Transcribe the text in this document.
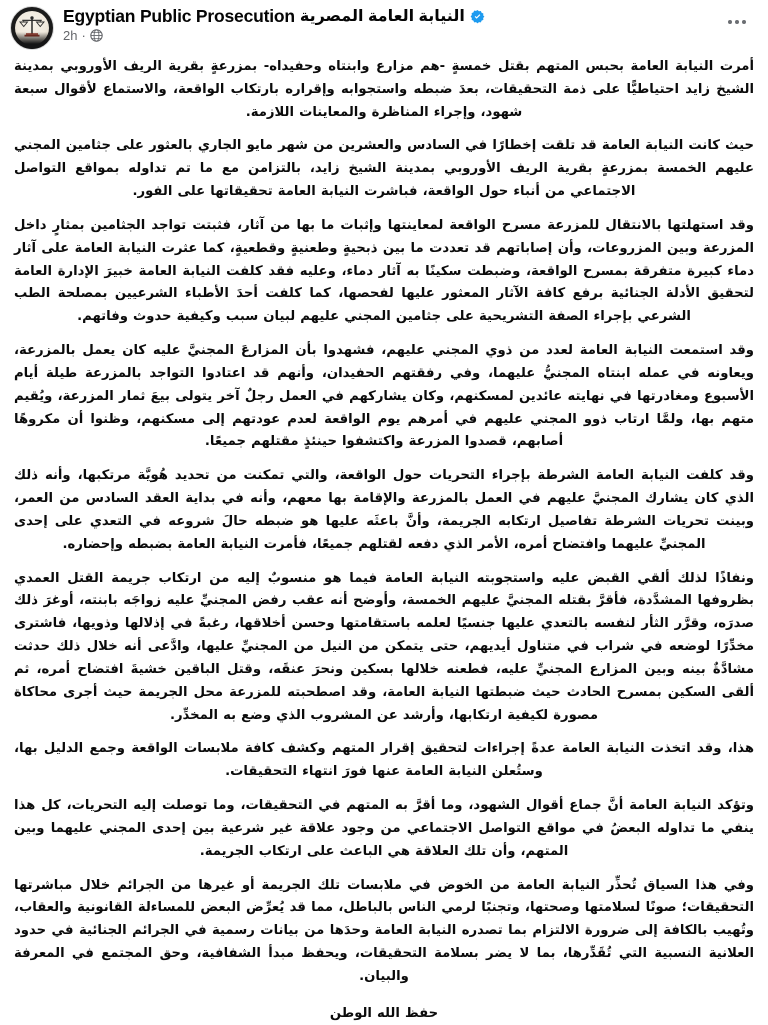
Egyptian Public Prosecution النيابة العامة المصرية
2h ·

أمرت النيابة العامة بحبس المتهم بقتل خمسةٍ -هم مزارع وابنتاه وحفيداه- بمزرعةٍ بقرية الريف الأوروبي بمدينة الشيخ زايد احتياطيًّا على ذمة التحقيقات، بعدَ ضبطه واستجوابه وإقراره بارتكاب الواقعة، والاستماع لأقوال سبعة شهود، وإجراء المناظرة والمعاينات اللازمة.

حيث كانت النيابة العامة قد تلقت إخطارًا في السادس والعشرين من شهر مايو الجاري بالعثور على جثامين المجني عليهم الخمسة بمزرعةٍ بقرية الريف الأوروبي بمدينة الشيخ زايد، بالتزامن مع ما تم تداوله بمواقع التواصل الاجتماعي من أنباء حول الواقعة، فباشرت النيابة العامة تحقيقاتها على الفور.

وقد استهلتها بالانتقال للمزرعة مسرح الواقعة لمعاينتها وإثبات ما بها من آثار، فثبتت تواجد الجثامين بمثارٍ داخل المزرعة وبين المزروعات، وأن إصاباتهم قد تعددت ما بين ذبحيةٍ وطعنيةٍ وقطعيةٍ، كما عثرت النيابة العامة على آثار دماء كبيرة متفرقة بمسرح الواقعة، وضبطت سكينًا به آثار دماء، وعليه فقد كلفت النيابة العامة خبيرَ الإدارة العامة لتحقيق الأدلة الجنائية برفع كافة الآثار المعثور عليها لفحصها، كما كلفت أحدَ الأطباء الشرعيين بمصلحة الطب الشرعي بإجراء الصفة التشريحية على جثامين المجني عليهم لبيان سبب وكيفية حدوث وفاتهم.

وقد استمعت النيابة العامة لعدد من ذوي المجني عليهم، فشهدوا بأن المزارعَ المجنيَّ عليه كان يعمل بالمزرعة، ويعاونه في عمله ابنتاه المجنيُّ عليهما، وفي رفقتهم الحفيدان، وأنهم قد اعتادوا التواجد بالمزرعة طيلة أيام الأسبوع ومغادرتها في نهايته عائدين لمسكنهم، وكان يشاركهم في العمل رجلٌ آخر يتولى بيعَ ثمار المزرعة، ويُقيم متهم بها، ولمَّا ارتاب ذوو المجني عليهم في أمرهم يوم الواقعة لعدم عودتهم إلى مسكنهم، وظنوا أن مكروهًا أصابهم، قصدوا المزرعة واكتشفوا حينئذٍ مقتلهم جميعًا.

وقد كلفت النيابة العامة الشرطة بإجراء التحريات حول الواقعة، والتي تمكنت من تحديد هُويَّة مرتكبها، وأنه ذلك الذي كان يشارك المجنيَّ عليهم في العمل بالمزرعة والإقامة بها معهم، وأنه في بداية العقد السادس من العمر، وبينت تحريات الشرطة تفاصيل ارتكابه الجريمة، وأنَّ باعثَه عليها هو ضبطه حالَ شروعه في التعدي على إحدى المجنيِّ عليهما وافتضاح أمره، الأمر الذي دفعه لقتلهم جميعًا، فأمرت النيابة العامة بضبطه وإحضاره.

ونفاذًا لذلك ألقي القبض عليه واستجوبته النيابة العامة فيما هو منسوبٌ إليه من ارتكاب جريمة القتل العمدي بظروفها المشدَّدة، فأقرَّ بقتله المجنيَّ عليهم الخمسة، وأوضح أنه عقب رفض المجنيِّ عليه زواجَه بابنته، أوغرَ ذلك صدرَه، وقرَّر الثأر لنفسه بالتعدي عليها جنسيًا لعلمه باستقامتها وحسن أخلاقها، رغبةً في إذلالها وذويها، فاشترى مخدِّرًا لوضعه في شراب في متناول أيديهم، حتى يتمكن من النيل من المجنيِّ عليها، وادَّعى أنه خلال ذلك حدثت مشادَّةٌ بينه وبين المزارع المجنيِّ عليه، فطعنه خلالها بسكين ونحرَ عنقَه، وقتل الباقين خشيةَ افتضاح أمره، ثم ألقى السكين بمسرح الحادث حيث ضبطتها النيابة العامة، وقد اصطحبته للمزرعة محل الجريمة حيث أجرى محاكاة مصورة لكيفية ارتكابها، وأرشد عن المشروب الذي وضع به المخدِّر.

هذا، وقد اتخذت النيابة العامة عدةً إجراءات لتحقيق إقرار المتهم وكشف كافة ملابسات الواقعة وجمع الدليل بها، وستُعلن النيابة العامة عنها فورَ انتهاء التحقيقات.

وتؤكد النيابة العامة أنَّ جماع أقوال الشهود، وما أقرَّ به المتهم في التحقيقات، وما توصلت إليه التحريات، كل هذا ينفي ما تداوله البعضُ في مواقع التواصل الاجتماعي من وجود علاقة غير شرعية بين إحدى المجني عليهما وبين المتهم، وأن تلك العلاقة هي الباعث على ارتكاب الجريمة.

وفي هذا السياق تُحذِّر النيابة العامة من الخوض في ملابسات تلك الجريمة أو غيرها من الجرائم خلال مباشرتها التحقيقات؛ صونًا لسلامتها وصحتها، وتجنبًا لرمي الناس بالباطل، مما قد يُعرِّض البعض للمساءلة القانونية والعقاب، وتُهيب بالكافة إلى ضرورة الالتزام بما تصدره النيابة العامة وحدَها من بيانات رسمية في الجرائم الجنائية في حدود العلانية النسبية التي تُقَدِّرها، بما لا يضر بسلامة التحقيقات، ويحفظ مبدأ الشفافية، وحق المجتمع في المعرفة والبيان.

حفظ الله الوطن
